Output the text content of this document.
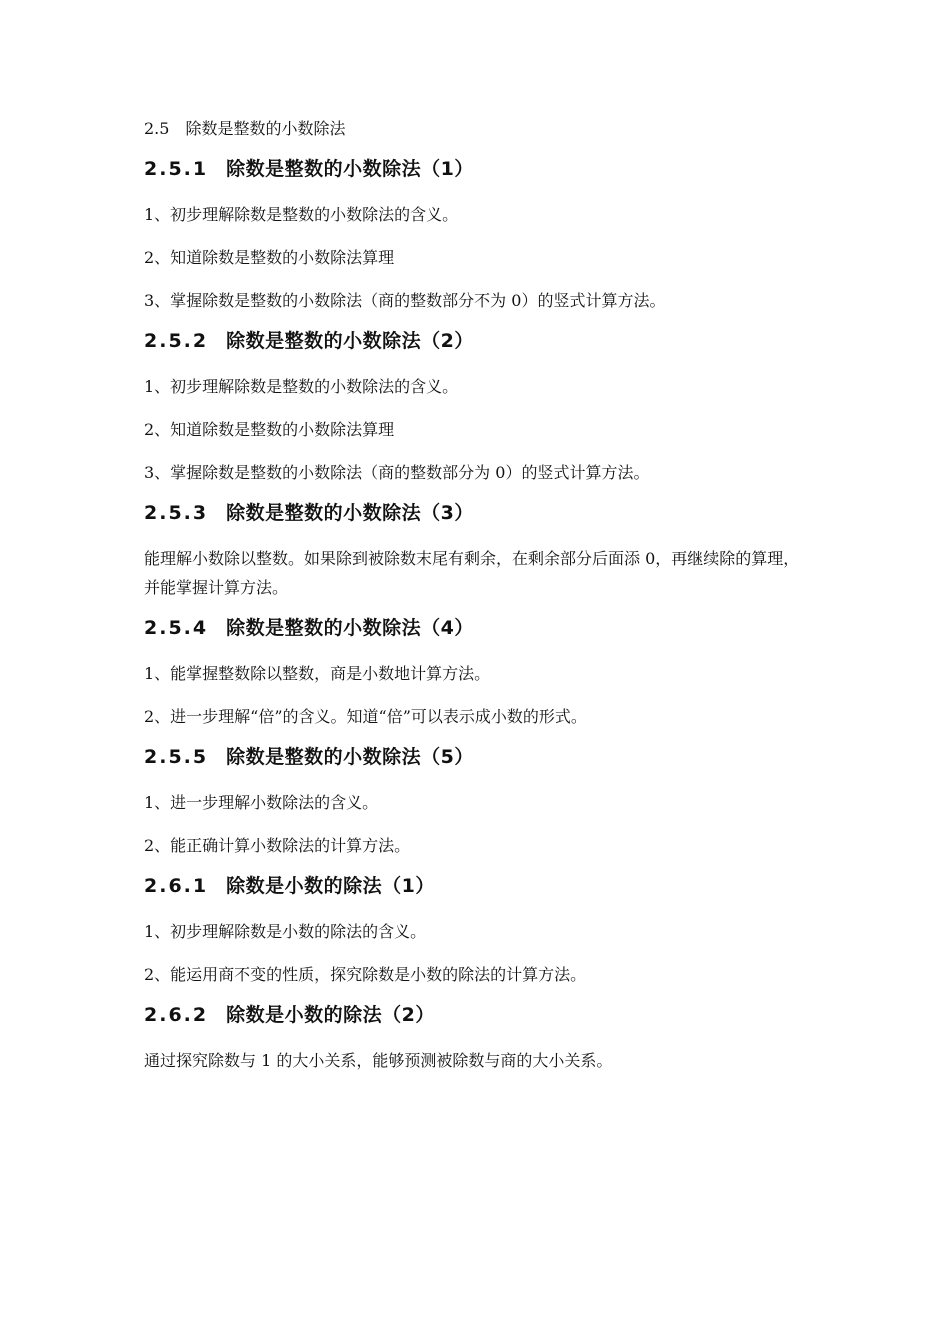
2.5　除数是整数的小数除法

2.5.1 除数是整数的小数除法（1）

1、初步理解除数是整数的小数除法的含义。

2、知道除数是整数的小数除法算理

3、掌握除数是整数的小数除法（商的整数部分不为 0）的竖式计算方法。

2.5.2 除数是整数的小数除法（2）

1、初步理解除数是整数的小数除法的含义。

2、知道除数是整数的小数除法算理

3、掌握除数是整数的小数除法（商的整数部分为 0）的竖式计算方法。

2.5.3 除数是整数的小数除法（3）

能理解小数除以整数。如果除到被除数末尾有剩余，在剩余部分后面添 0，再继续除的算理，并能掌握计算方法。

2.5.4 除数是整数的小数除法（4）

1、能掌握整数除以整数，商是小数地计算方法。

2、进一步理解“倍”的含义。知道“倍”可以表示成小数的形式。

2.5.5 除数是整数的小数除法（5）

1、进一步理解小数除法的含义。

2、能正确计算小数除法的计算方法。

2.6.1 除数是小数的除法（1）

1、初步理解除数是小数的除法的含义。

2、能运用商不变的性质，探究除数是小数的除法的计算方法。

2.6.2 除数是小数的除法（2）

通过探究除数与 1 的大小关系，能够预测被除数与商的大小关系。
